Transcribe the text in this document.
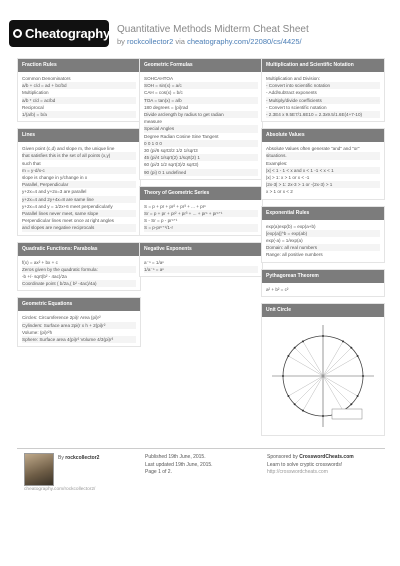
Cheatography Quantitative Methods Midterm Cheat Sheet
by rockcollector2 via cheatography.com/22080/cs/4425/
Fraction Rules
Common Denominators
a/b + c/d = ad + bc/bd
Multiplication
a/b * c/d = ac/bd
Reciprocal
1/(a/b) = b/a
Lines
Given point (c,d) and slope m, the unique line
that satisfies this is the set of all points (x,y)
such that
m = y-d/x-c
slope is change in y/change in x
Parallel, Perpendicular
y+2x=4 and y+2x=3 are parallel
y+2x=4 and 2y+4x=8 are same line
y+2x=4 and y = 1/2x+6 meet perpendicularly
Parallel lines never meet, same slope
Perpendicular lines meet once at right angles
and slopes are negative reciprocals
Quadratic Functions: Parabolas
f(x) = ax² + bx + c
Zeros given by the quadratic formula:
-b +/- sqrt(b² - 4ac)/2a
Coordinate point ( b/2a,( b² -4ac)/4a)
Geometric Equations
Circles: Circumference 2pi(r Area (pi)r²
Cylinders: Surface area 2pi(r x h + 2(pi)r²
Volume: (pi)r²h
Sphere: Surface area 4(pi)r² Volume 4/3(pi)r³
Geometric Formulas
SOHCAHTOA
SOH = sin(x) = a/c
CAH = cos(x) = b/c
TOA = tan(x) = a/b
180 degrees = (pi)rad
Divide arclength by radius to get radian
measure
Special Angles
Degree Radian Cosine Sine Tangent
0 0 1 0 0
30 (pi/6 sqrt3/2 1/2 1/sqrt3
45 (pi/4 1/sqrt(2) 1/sqrt(2) 1
60 (pi/3 1/2 sqrt(3)/2 sqrt3)
90 (pi) 0 1 undefined
Theory of Geometric Series
S = p + pr + pr² + pr³ + ... + prⁿ
Sr = p + pr + pr² + pr³ + ... + prⁿ + prⁿ⁺¹
S - Sr = p - prⁿ⁺¹
S = p-prⁿ⁺¹/1-r
Negative Exponents
a⁻ⁿ = 1/aⁿ
1/a⁻ⁿ = aⁿ
Multiplication and Scientific Notation
Multiplication and Division:
- Convert into scientific notation
- Add/subtract exponents
- Multiply/divide coefficients
- Convert to scientific notation
- 2.3E4 x 9.5E7/1.6E10 = 2.3x9.5/1.6E(4+7-10)
Absolute Values
Absolute Values often generate "and" and "or"
situations.
Examples:
|x| < 1 - 1 < x and x < 1 -1 < x < 1
|x| > 1: x > 1 or x < -1
|2x-3| > 1: 2x-3 > 1 or -(2x-3) > 1
x > 1 or x < 2
Exponential Rules
exp(a)exp(b) = exp(a+b)
[exp(a)]^b = exp(ab)
exp(-a) = 1/exp(a)
Domain: all real numbers
Range: all positive numbers
Pythagorean Theorem
a² + b² = c²
Unit Circle
By rockcollector2
cheatography.com/rockcollector2/
Published 19th June, 2015.
Last updated 19th June, 2015.
Page 1 of 2.
Sponsored by CrosswordCheats.com
Learn to solve cryptic crosswords!
http://crosswordcheats.com
